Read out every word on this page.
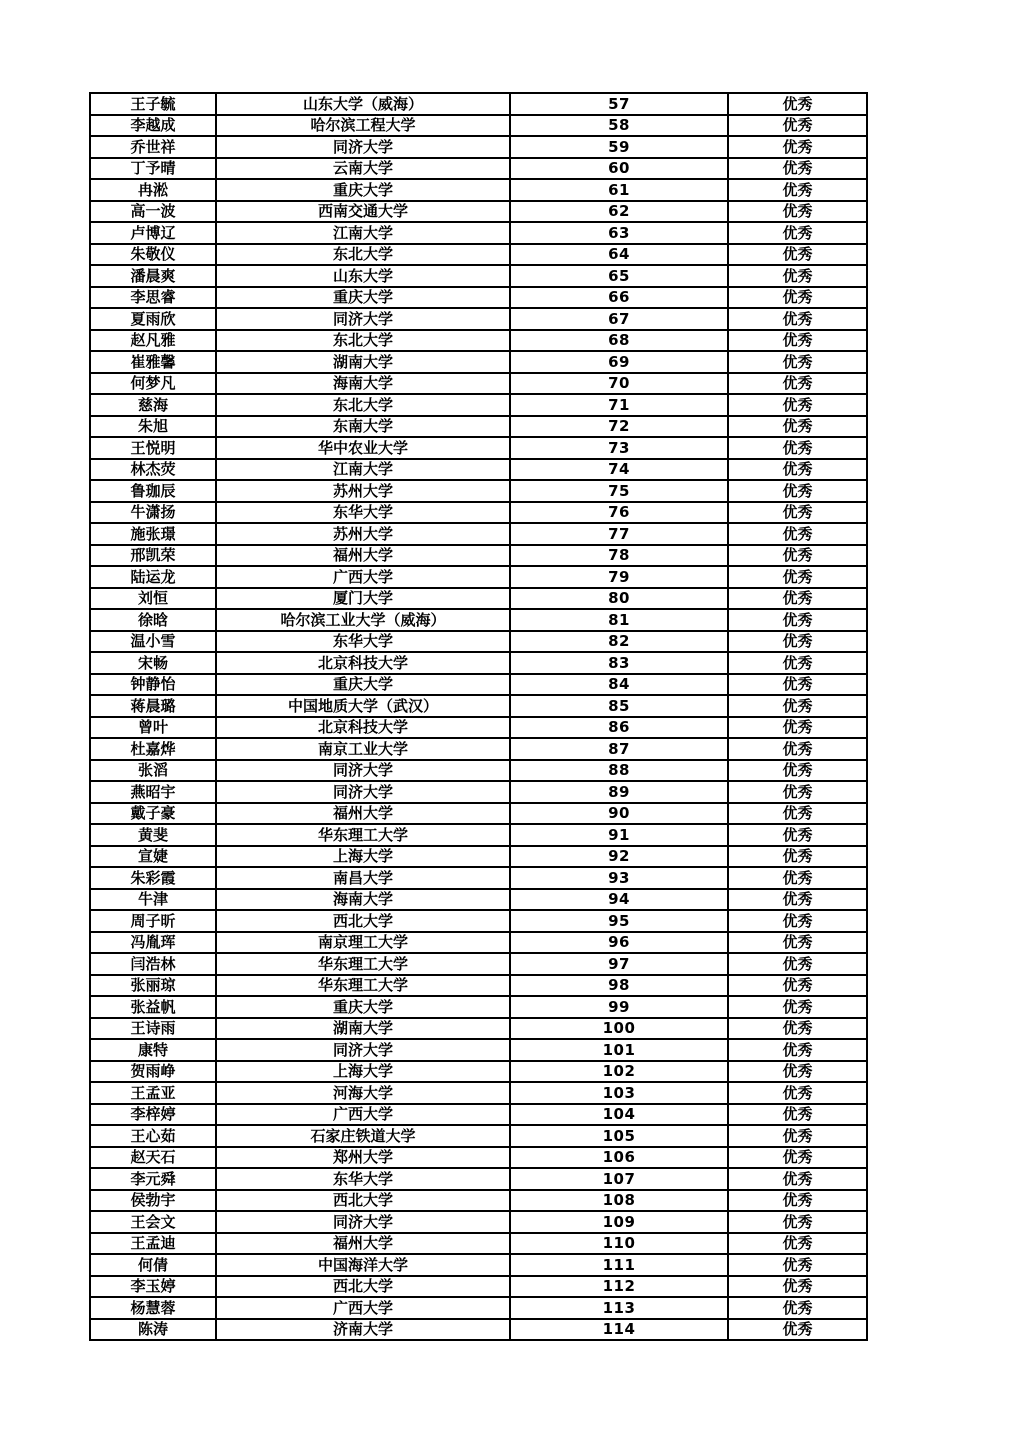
王子毓	山东大学（威海）	57	优秀
李越成	哈尔滨工程大学	58	优秀
乔世祥	同济大学	59	优秀
丁予晴	云南大学	60	优秀
冉淞	重庆大学	61	优秀
高一波	西南交通大学	62	优秀
卢博辽	江南大学	63	优秀
朱敬仪	东北大学	64	优秀
潘晨爽	山东大学	65	优秀
李思睿	重庆大学	66	优秀
夏雨欣	同济大学	67	优秀
赵凡雅	东北大学	68	优秀
崔雅馨	湖南大学	69	优秀
何梦凡	海南大学	70	优秀
慈海	东北大学	71	优秀
朱旭	东南大学	72	优秀
王悦明	华中农业大学	73	优秀
林杰荧	江南大学	74	优秀
鲁珈辰	苏州大学	75	优秀
牛潇扬	东华大学	76	优秀
施张璟	苏州大学	77	优秀
邢凯荣	福州大学	78	优秀
陆运龙	广西大学	79	优秀
刘恒	厦门大学	80	优秀
徐晗	哈尔滨工业大学（威海）	81	优秀
温小雪	东华大学	82	优秀
宋畅	北京科技大学	83	优秀
钟静怡	重庆大学	84	优秀
蒋晨璐	中国地质大学（武汉）	85	优秀
曾叶	北京科技大学	86	优秀
杜嘉烨	南京工业大学	87	优秀
张滔	同济大学	88	优秀
燕昭宇	同济大学	89	优秀
戴子豪	福州大学	90	优秀
黄斐	华东理工大学	91	优秀
宣婕	上海大学	92	优秀
朱彩霞	南昌大学	93	优秀
牛津	海南大学	94	优秀
周子昕	西北大学	95	优秀
冯胤珲	南京理工大学	96	优秀
闫浩林	华东理工大学	97	优秀
张丽琼	华东理工大学	98	优秀
张益帆	重庆大学	99	优秀
王诗雨	湖南大学	100	优秀
康特	同济大学	101	优秀
贺雨峥	上海大学	102	优秀
王孟亚	河海大学	103	优秀
李梓婷	广西大学	104	优秀
王心茹	石家庄铁道大学	105	优秀
赵天石	郑州大学	106	优秀
李元舜	东华大学	107	优秀
侯勃宇	西北大学	108	优秀
王会文	同济大学	109	优秀
王孟迪	福州大学	110	优秀
何倩	中国海洋大学	111	优秀
李玉婷	西北大学	112	优秀
杨慧蓉	广西大学	113	优秀
陈涛	济南大学	114	优秀
